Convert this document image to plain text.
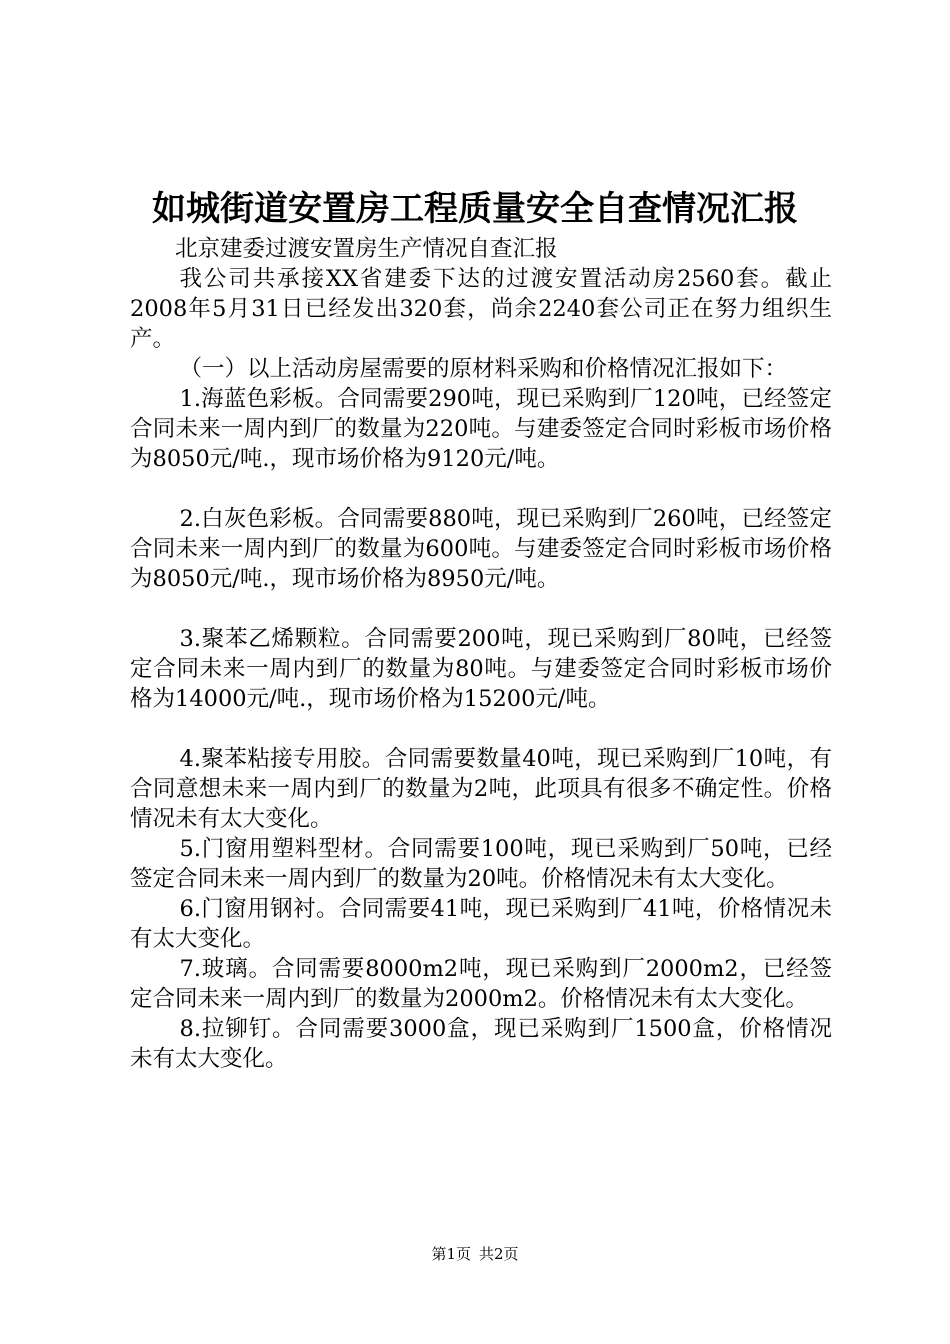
如城街道安置房工程质量安全自查情况汇报

北京建委过渡安置房生产情况自查汇报

我公司共承接XX省建委下达的过渡安置活动房2560套。截止2008年5月31日已经发出320套，尚余2240套公司正在努力组织生产。

（一）以上活动房屋需要的原材料采购和价格情况汇报如下：

1.海蓝色彩板。合同需要290吨，现已采购到厂120吨，已经签定合同未来一周内到厂的数量为220吨。与建委签定合同时彩板市场价格为8050元/吨.，现市场价格为9120元/吨。

2.白灰色彩板。合同需要880吨，现已采购到厂260吨，已经签定合同未来一周内到厂的数量为600吨。与建委签定合同时彩板市场价格为8050元/吨.，现市场价格为8950元/吨。

3.聚苯乙烯颗粒。合同需要200吨，现已采购到厂80吨，已经签定合同未来一周内到厂的数量为80吨。与建委签定合同时彩板市场价格为14000元/吨.，现市场价格为15200元/吨。

4.聚苯粘接专用胶。合同需要数量40吨，现已采购到厂10吨，有合同意想未来一周内到厂的数量为2吨，此项具有很多不确定性。价格情况未有太大变化。

5.门窗用塑料型材。合同需要100吨，现已采购到厂50吨，已经签定合同未来一周内到厂的数量为20吨。价格情况未有太大变化。

6.门窗用钢衬。合同需要41吨，现已采购到厂41吨，价格情况未有太大变化。

7.玻璃。合同需要8000m2吨，现已采购到厂2000m2，已经签定合同未来一周内到厂的数量为2000m2。价格情况未有太大变化。

8.拉铆钉。合同需要3000盒，现已采购到厂1500盒，价格情况未有太大变化。

第1页 共2页
